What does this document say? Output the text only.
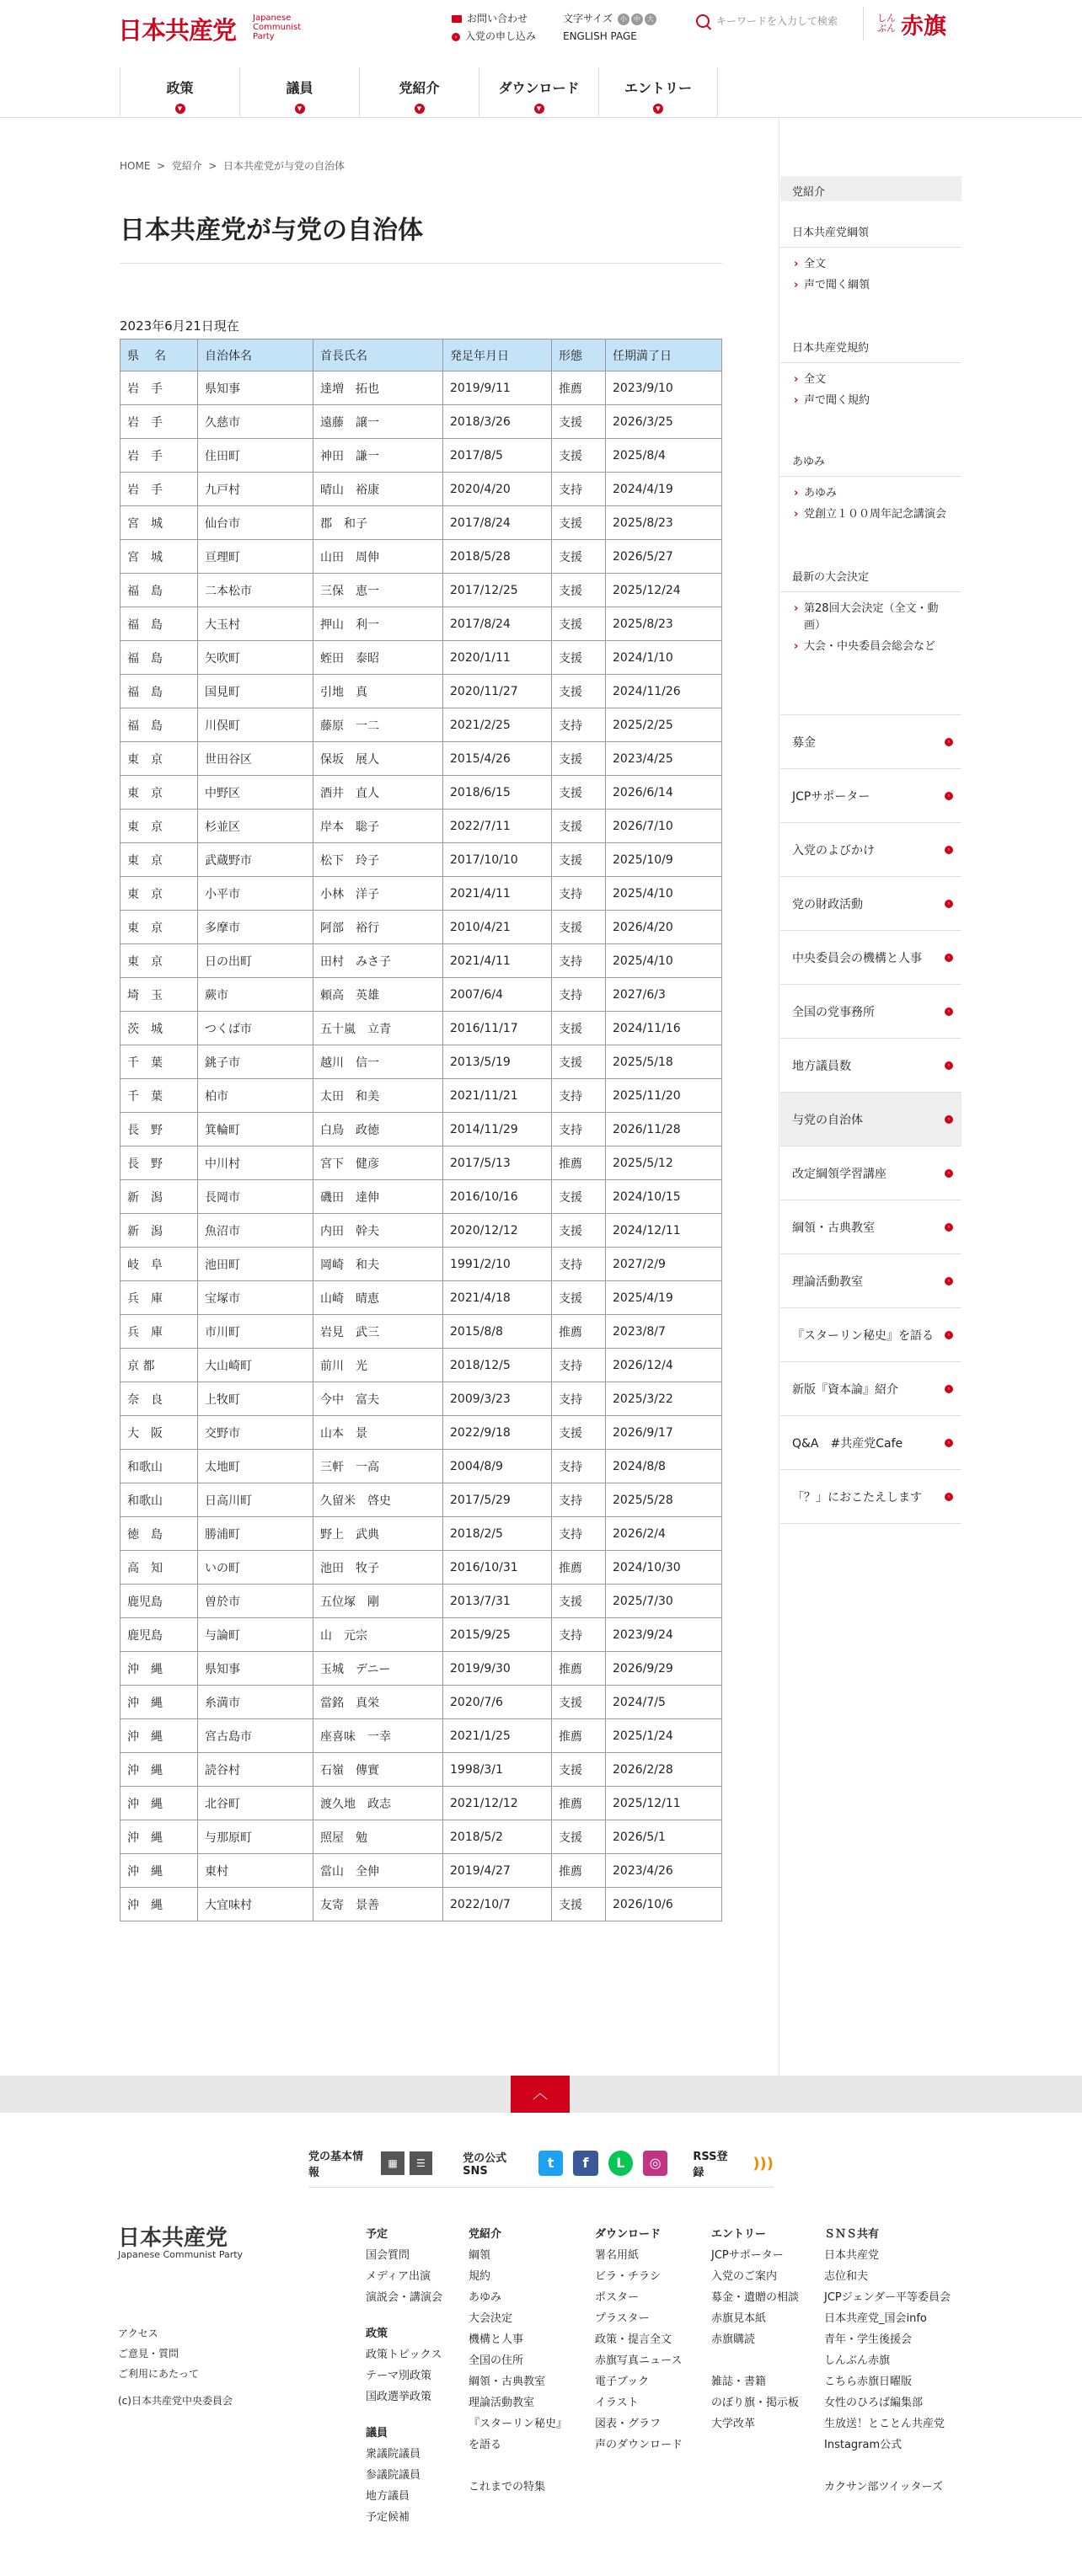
日本共産党 Japanese
Communist
Party
お問い合わせ
› 入党の申し込み
文字サイズ 小 中 大
ENGLISH PAGE
キーワードを入力して検索	しんぶん 赤旗
政策
▼
議員
▼
党紹介
▼
ダウンロード
▼
エントリー
▼
HOME  >  党紹介  >  日本共産党が与党の自治体
日本共産党が与党の自治体
2023年6月21日現在
県　名	自治体名	首長氏名	発足年月日	形態	任期満了日
岩　手	県知事	達増　拓也	2019/9/11	推薦	2023/9/10
岩　手	久慈市	遠藤　譲一	2018/3/26	支援	2026/3/25
岩　手	住田町	神田　謙一	2017/8/5	支援	2025/8/4
岩　手	九戸村	晴山　裕康	2020/4/20	支持	2024/4/19
宮　城	仙台市	郡　和子	2017/8/24	支援	2025/8/23
宮　城	亘理町	山田　周伸	2018/5/28	支援	2026/5/27
福　島	二本松市	三保　恵一	2017/12/25	支援	2025/12/24
福　島	大玉村	押山　利一	2017/8/24	支援	2025/8/23
福　島	矢吹町	蛭田　泰昭	2020/1/11	支援	2024/1/10
福　島	国見町	引地　真	2020/11/27	支援	2024/11/26
福　島	川俣町	藤原　一二	2021/2/25	支持	2025/2/25
東　京	世田谷区	保坂　展人	2015/4/26	支援	2023/4/25
東　京	中野区	酒井　直人	2018/6/15	支援	2026/6/14
東　京	杉並区	岸本　聡子	2022/7/11	支援	2026/7/10
東　京	武蔵野市	松下　玲子	2017/10/10	支援	2025/10/9
東　京	小平市	小林　洋子	2021/4/11	支持	2025/4/10
東　京	多摩市	阿部　裕行	2010/4/21	支援	2026/4/20
東　京	日の出町	田村　みさ子	2021/4/11	支持	2025/4/10
埼　玉	蕨市	頼高　英雄	2007/6/4	支持	2027/6/3
茨　城	つくば市	五十嵐　立青	2016/11/17	支援	2024/11/16
千　葉	銚子市	越川　信一	2013/5/19	支援	2025/5/18
千　葉	柏市	太田　和美	2021/11/21	支持	2025/11/20
長　野	箕輪町	白鳥　政徳	2014/11/29	支持	2026/11/28
長　野	中川村	宮下　健彦	2017/5/13	推薦	2025/5/12
新　潟	長岡市	磯田　達伸	2016/10/16	支援	2024/10/15
新　潟	魚沼市	内田　幹夫	2020/12/12	支援	2024/12/11
岐　阜	池田町	岡崎　和夫	1991/2/10	支持	2027/2/9
兵　庫	宝塚市	山崎　晴恵	2021/4/18	支援	2025/4/19
兵　庫	市川町	岩見　武三	2015/8/8	推薦	2023/8/7
京 都	大山崎町	前川　光	2018/12/5	支持	2026/12/4
奈　良	上牧町	今中　富夫	2009/3/23	支持	2025/3/22
大　阪	交野市	山本　景	2022/9/18	支援	2026/9/17
和歌山	太地町	三軒　一高	2004/8/9	支持	2024/8/8
和歌山	日高川町	久留米　啓史	2017/5/29	支持	2025/5/28
徳　島	勝浦町	野上　武典	2018/2/5	支持	2026/2/4
高　知	いの町	池田　牧子	2016/10/31	推薦	2024/10/30
鹿児島	曽於市	五位塚　剛	2013/7/31	支援	2025/7/30
鹿児島	与論町	山　元宗	2015/9/25	支持	2023/9/24
沖　縄	県知事	玉城　デニー	2019/9/30	推薦	2026/9/29
沖　縄	糸満市	當銘　真栄	2020/7/6	支援	2024/7/5
沖　縄	宮古島市	座喜味　一幸	2021/1/25	推薦	2025/1/24
沖　縄	読谷村	石嶺　傳實	1998/3/1	支援	2026/2/28
沖　縄	北谷町	渡久地　政志	2021/12/12	推薦	2025/12/11
沖　縄	与那原町	照屋　勉	2018/5/2	支援	2026/5/1
沖　縄	東村	當山　全伸	2019/4/27	推薦	2023/4/26
沖　縄	大宜味村	友寄　景善	2022/10/7	支援	2026/10/6
党紹介
日本共産党綱領
› 全文
› 声で聞く綱領
日本共産党規約
› 全文
› 声で聞く規約
あゆみ
› あゆみ
› 党創立１００周年記念講演会
最新の大会決定
› 第28回大会決定（全文・動画）
› 大会・中央委員会総会など
募金	›
JCPサポーター	›
入党のよびかけ	›
党の財政活動	›
中央委員会の機構と人事	›
全国の党事務所	›
地方議員数	›
与党の自治体	›
改定綱領学習講座	›
綱領・古典教室	›
理論活動教室	›
『スターリン秘史』を語る	›
新版『資本論』紹介	›
Q&A　#共産党Cafe	›
「？」におこたえします	›
︿
党の基本情報
▦	☰	党の公式SNS
t	f	L	◎	RSS登録
)))
日本共産党
Japanese Communist Party
アクセス
ご意見・質問
ご利用にあたって
(c)日本共産党中央委員会
予定
国会質問
メディア出演
演説会・講演会
政策
政策トピックス
テーマ別政策
国政選挙政策
議員
衆議院議員
参議院議員
地方議員
予定候補
党紹介
綱領
規約
あゆみ
大会決定
機構と人事
全国の住所
綱領・古典教室
理論活動教室
『スターリン秘史』
を語る
これまでの特集
ダウンロード
署名用紙
ビラ・チラシ
ポスター
プラスター
政策・提言全文
赤旗写真ニュース
電子ブック
イラスト
図表・グラフ
声のダウンロード
エントリー
JCPサポーター
入党のご案内
募金・遺贈の相談
赤旗見本紙
赤旗購読
雑誌・書籍
のぼり旗・掲示板
大学改革
ＳＮＳ共有
日本共産党
志位和夫
JCPジェンダー平等委員会
日本共産党_国会info
青年・学生後援会
しんぶん赤旗
こちら赤旗日曜版
女性のひろば編集部
生放送！とことん共産党
Instagram公式
カクサン部ツイッターズ
